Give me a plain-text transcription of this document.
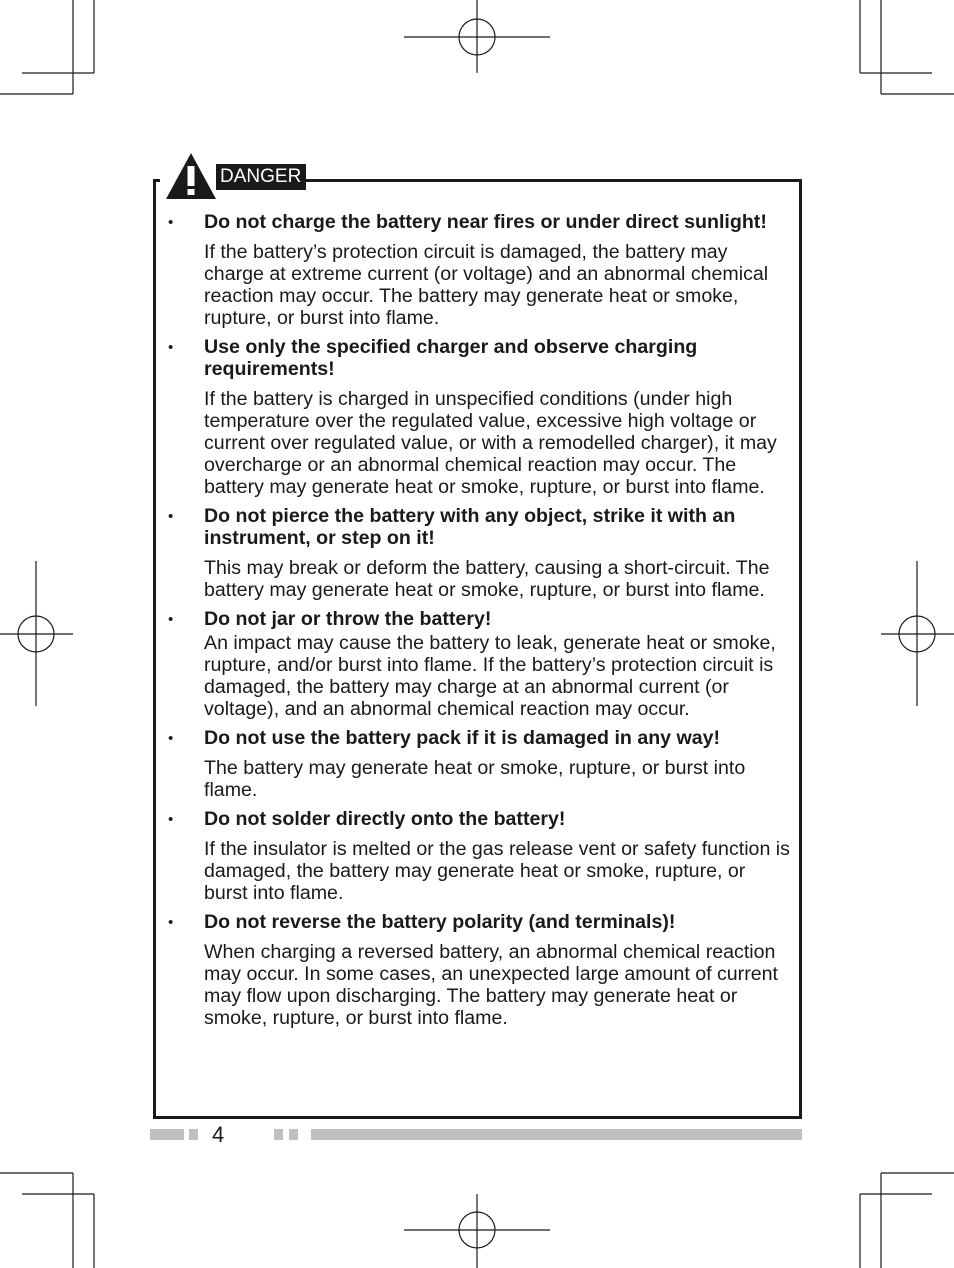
DANGER
• Do not charge the battery near fires or under direct sunlight!

If the battery’s protection circuit is damaged, the battery may charge at extreme current (or voltage) and an abnormal chemical reaction may occur. The battery may generate heat or smoke, rupture, or burst into flame.

• Use only the specified charger and observe charging requirements!

If the battery is charged in unspecified conditions (under high temperature over the regulated value, excessive high voltage or current over regulated value, or with a remodelled charger), it may overcharge or an abnormal chemical reaction may occur. The battery may generate heat or smoke, rupture, or burst into flame.

• Do not pierce the battery with any object, strike it with an instrument, or step on it!

This may break or deform the battery, causing a short-circuit. The battery may generate heat or smoke, rupture, or burst into flame.

• Do not jar or throw the battery!

An impact may cause the battery to leak, generate heat or smoke, rupture, and/or burst into flame. If the battery’s protection circuit is damaged, the battery may charge at an abnormal current (or voltage), and an abnormal chemical reaction may occur.

• Do not use the battery pack if it is damaged in any way!

The battery may generate heat or smoke, rupture, or burst into flame.

• Do not solder directly onto the battery!

If the insulator is melted or the gas release vent or safety function is damaged, the battery may generate heat or smoke, rupture, or burst into flame.

• Do not reverse the battery polarity (and terminals)!

When charging a reversed battery, an abnormal chemical reaction may occur. In some cases, an unexpected large amount of current may flow upon discharging. The battery may generate heat or smoke, rupture, or burst into flame.

4
